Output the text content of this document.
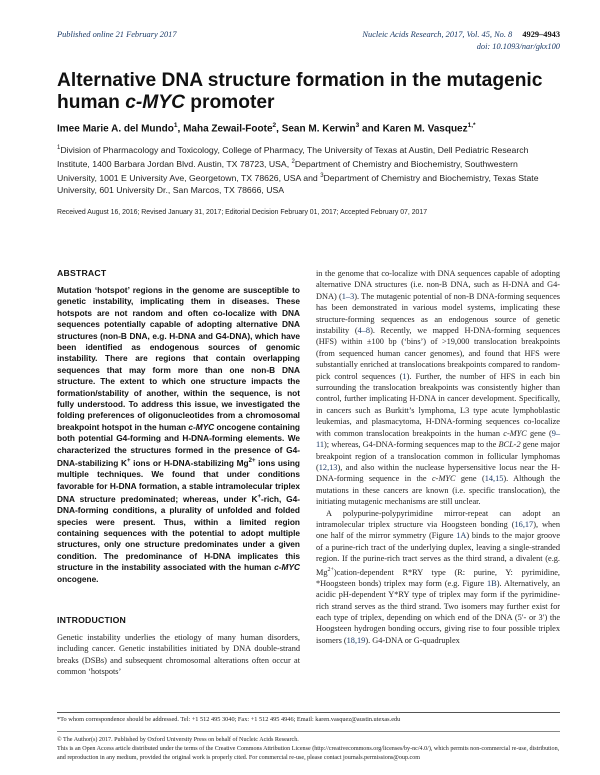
Published online 21 February 2017	Nucleic Acids Research, 2017, Vol. 45, No. 8 4929–4943
doi: 10.1093/nar/gkx100
Alternative DNA structure formation in the mutagenic
human c-MYC promoter
Imee Marie A. del Mundo$^1$, Maha Zewail-Foote$^2$, Sean M. Kerwin$^3$ and Karen M. Vasquez$^{1,*}$
$^1$Division of Pharmacology and Toxicology, College of Pharmacy, The University of Texas at Austin, Dell Pediatric Research Institute, 1400 Barbara Jordan Blvd. Austin, TX 78723, USA, $^2$Department of Chemistry and Biochemistry, Southwestern University, 1001 E University Ave, Georgetown, TX 78626, USA and $^3$Department of Chemistry and Biochemistry, Texas State University, 601 University Dr., San Marcos, TX 78666, USA
Received August 16, 2016; Revised January 31, 2017; Editorial Decision February 01, 2017; Accepted February 07, 2017
ABSTRACT
Mutation ‘hotspot’ regions in the genome are susceptible to genetic instability, implicating them in diseases. These hotspots are not random and often co-localize with DNA sequences potentially capable of adopting alternative DNA structures (non-B DNA, e.g. H-DNA and G4-DNA), which have been identified as endogenous sources of genomic instability. There are regions that contain overlapping sequences that may form more than one non-B DNA structure. The extent to which one structure impacts the formation/stability of another, within the sequence, is not fully understood. To address this issue, we investigated the folding preferences of oligonucleotides from a chromosomal breakpoint hotspot in the human c-MYC oncogene containing both potential G4-forming and H-DNA-forming elements. We characterized the structures formed in the presence of G4-DNA-stabilizing K+ ions or H-DNA-stabilizing $Mg^{2+}$ ions using multiple techniques. We found that under conditions favorable for H-DNA formation, a stable intramolecular triplex DNA structure predominated; whereas, under K+-rich, G4-DNA-forming conditions, a plurality of unfolded and folded species were present. Thus, within a limited region containing sequences with the potential to adopt multiple structures, only one structure predominates under a given condition. The predominance of H-DNA implicates this structure in the instability associated with the human c-MYC oncogene.
INTRODUCTION
Genetic instability underlies the etiology of many human disorders, including cancer. Genetic instabilities initiated by DNA double-strand breaks (DSBs) and subsequent chromosomal alterations often occur at common ‘hotspots’

in the genome that co-localize with DNA sequences capable of adopting alternative DNA structures (i.e. non-B DNA, such as H-DNA and G4-DNA) (1–3). The mutagenic potential of non-B DNA-forming sequences has been demonstrated in various model systems, implicating these structure-forming sequences as an endogenous source of genetic instability (4–8). Recently, we mapped H-DNA-forming sequences (HFS) within ±100 bp (‘bins’) of >19,000 translocation breakpoints (from sequenced human cancer genomes), and found that HFS were substantially enriched at translocations breakpoints compared to random-pick control sequences (1). Further, the number of HFS in each bin surrounding the translocation breakpoints was consistently higher than control, further implicating H-DNA in cancer development. Specifically, in cancers such as Burkitt’s lymphoma, L3 type acute lymphoblastic leukemias, and plasmacytoma, H-DNA-forming sequences co-localize with common translocation breakpoints in the human c-MYC gene (9–11); whereas, G4-DNA-forming sequences map to the BCL-2 gene major breakpoint region of a translocation common in follicular lymphomas (12,13), and also within the nuclease hypersensitive locus near the H-DNA-forming sequence in the c-MYC gene (14,15). Although the mutations in these cancers are known (i.e. specific translocation), the initiating mutagenic mechanisms are still unclear.

A polypurine-polypyrimidine mirror-repeat can adopt an intramolecular triplex structure via Hoogsteen bonding (16,17), when one half of the mirror symmetry (Figure 1A) binds to the major groove of a purine-rich tract of the underlying duplex, leaving a single-stranded region. If the purine-rich tract serves as the third strand, a divalent (e.g. $Mg^{2+})cation$-dependent R*RY type (R: purine, Y: pyrimidine, *Hoogsteen bonds) triplex may form (e.g. Figure 1B). Alternatively, an acidic pH-dependent Y*RY type of triplex may form if the pyrimidine-rich strand serves as the third strand. Two isomers may further exist for each type of triplex, depending on which end of the DNA (5′- or 3′) the Hoogsteen hydrogen bonding occurs, giving rise to four possible triplex isomers (18,19). G4-DNA or G-quadruplex

*To whom correspondence should be addressed. Tel: +1 512 495 3040; Fax: +1 512 495 4946; Email: karen.vasquez@austin.utexas.edu
© The Author(s) 2017. Published by Oxford University Press on behalf of Nucleic Acids Research.
This is an Open Access article distributed under the terms of the Creative Commons Attribution License (http://creativecommons.org/licenses/by-nc/4.0/), which permits non-commercial re-use, distribution, and reproduction in any medium, provided the original work is properly cited. For commercial re-use, please contact journals.permissions@oup.com
